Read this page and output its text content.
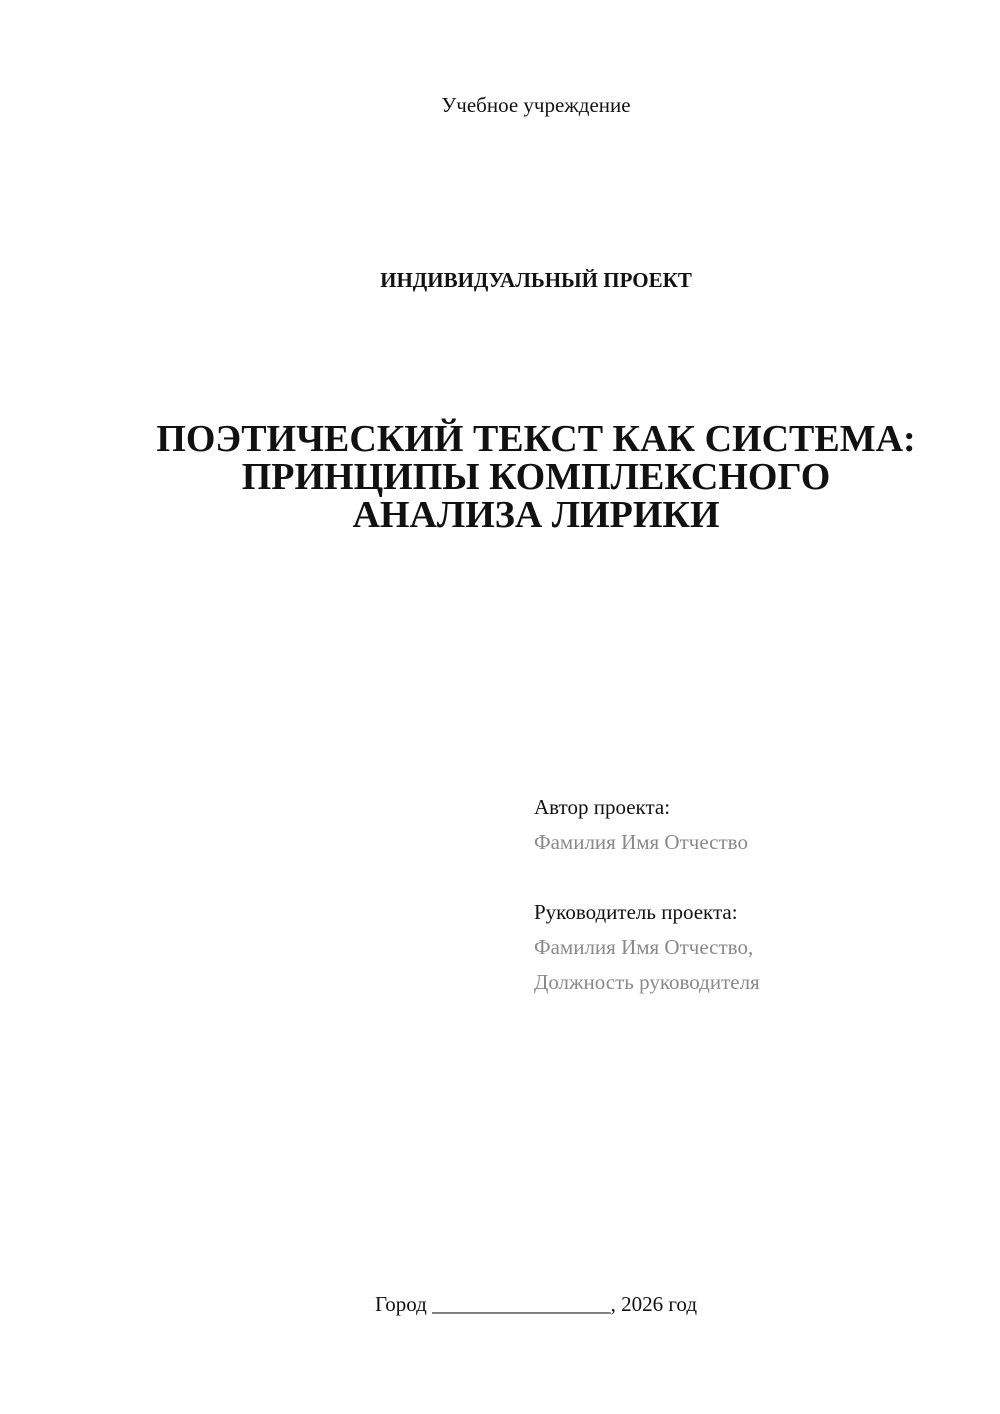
Учебное учреждение
ИНДИВИДУАЛЬНЫЙ ПРОЕКТ
ПОЭТИЧЕСКИЙ ТЕКСТ КАК СИСТЕМА:
ПРИНЦИПЫ КОМПЛЕКСНОГО
АНАЛИЗА ЛИРИКИ
Автор проекта:
Фамилия Имя Отчество
Руководитель проекта:
Фамилия Имя Отчество,
Должность руководителя
Город _________________, 2026 год
